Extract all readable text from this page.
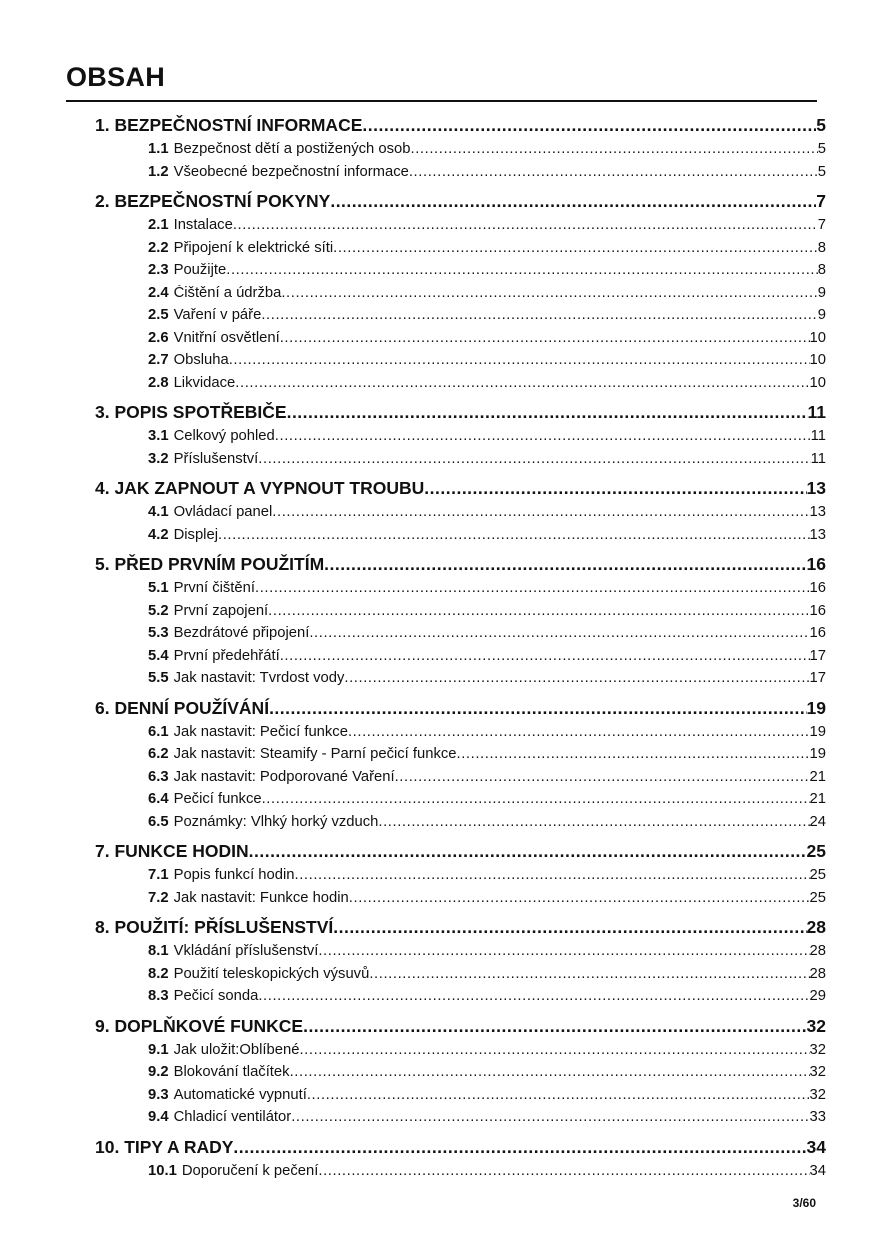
OBSAH
1. BEZPEČNOSTNÍ INFORMACE .....	5
1.1 Bezpečnost dětí a postižených osob .....	5
1.2 Všeobecné bezpečnostní informace .....	5
2. BEZPEČNOSTNÍ POKYNY .....	7
2.1 Instalace .....	7
2.2 Připojení k elektrické síti .....	8
2.3 Použijte .....	8
2.4 Čištění a údržba .....	9
2.5 Vaření v páře .....	9
2.6 Vnitřní osvětlení .....	10
2.7 Obsluha .....	10
2.8 Likvidace .....	10
3. POPIS SPOTŘEBIČE .....	11
3.1 Celkový pohled .....	11
3.2 Příslušenství .....	11
4. JAK ZAPNOUT A VYPNOUT TROUBU .....	13
4.1 Ovládací panel .....	13
4.2 Displej .....	13
5. PŘED PRVNÍM POUŽITÍM .....	16
5.1 První čištění .....	16
5.2 První zapojení .....	16
5.3 Bezdrátové připojení .....	16
5.4 První předehřátí .....	17
5.5 Jak nastavit: Tvrdost vody .....	17
6. DENNÍ POUŽÍVÁNÍ .....	19
6.1 Jak nastavit: Pečicí funkce .....	19
6.2 Jak nastavit: Steamify - Parní pečicí funkce .....	19
6.3 Jak nastavit: Podporované Vaření .....	21
6.4 Pečicí funkce .....	21
6.5 Poznámky: Vlhký horký vzduch .....	24
7. FUNKCE HODIN .....	25
7.1 Popis funkcí hodin .....	25
7.2 Jak nastavit: Funkce hodin .....	25
8. POUŽITÍ: PŘÍSLUŠENSTVÍ .....	28
8.1 Vkládání příslušenství .....	28
8.2 Použití teleskopických výsuvů .....	28
8.3 Pečicí sonda .....	29
9. DOPLŇKOVÉ FUNKCE .....	32
9.1 Jak uložit:Oblíbené .....	32
9.2 Blokování tlačítek .....	32
9.3 Automatické vypnutí .....	32
9.4 Chladicí ventilátor .....	33
10. TIPY A RADY .....	34
10.1 Doporučení k pečení .....	34
3/60
